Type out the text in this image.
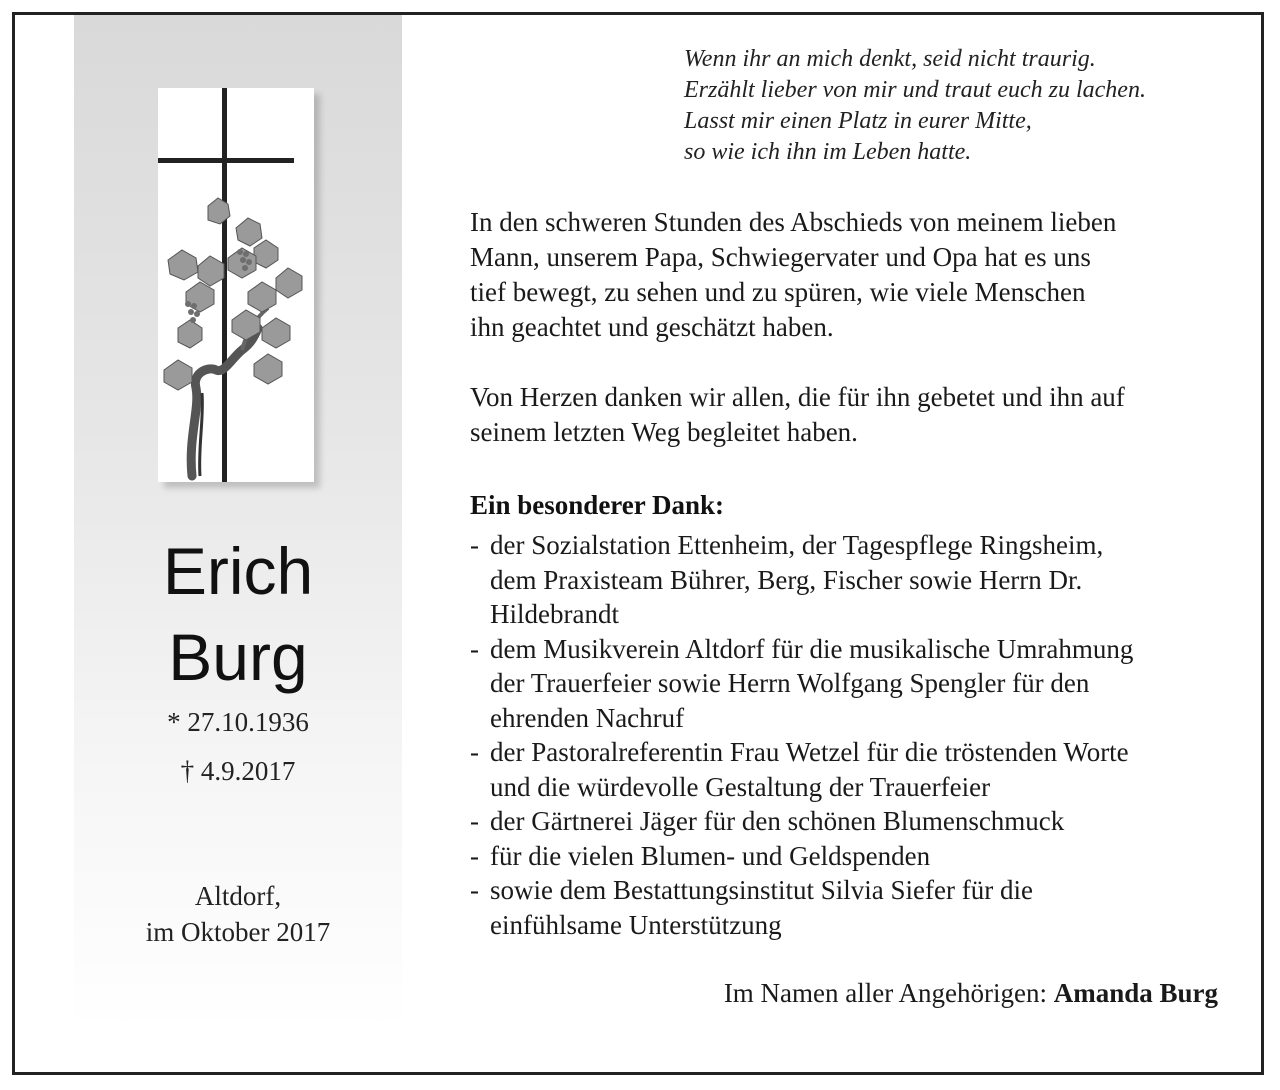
Erich
Burg
* 27.10.1936
† 4.9.2017
Altdorf,
im Oktober 2017
Wenn ihr an mich denkt, seid nicht traurig.
Erzählt lieber von mir und traut euch zu lachen.
Lasst mir einen Platz in eurer Mitte,
so wie ich ihn im Leben hatte.
In den schweren Stunden des Abschieds von meinem lieben
Mann, unserem Papa, Schwiegervater und Opa hat es uns
tief bewegt, zu sehen und zu spüren, wie viele Menschen
ihn geachtet und geschätzt haben.
Von Herzen danken wir allen, die für ihn gebetet und ihn auf
seinem letzten Weg begleitet haben.
Ein besonderer Dank:
- der Sozialstation Ettenheim, der Tagespflege Ringsheim,
dem Praxisteam Bührer, Berg, Fischer sowie Herrn Dr.
Hildebrandt
- dem Musikverein Altdorf für die musikalische Umrahmung
der Trauerfeier sowie Herrn Wolfgang Spengler für den
ehrenden Nachruf
- der Pastoralreferentin Frau Wetzel für die tröstenden Worte
und die würdevolle Gestaltung der Trauerfeier
- der Gärtnerei Jäger für den schönen Blumenschmuck
- für die vielen Blumen- und Geldspenden
- sowie dem Bestattungsinstitut Silvia Siefer für die
einfühlsame Unterstützung
Im Namen aller Angehörigen: Amanda Burg
